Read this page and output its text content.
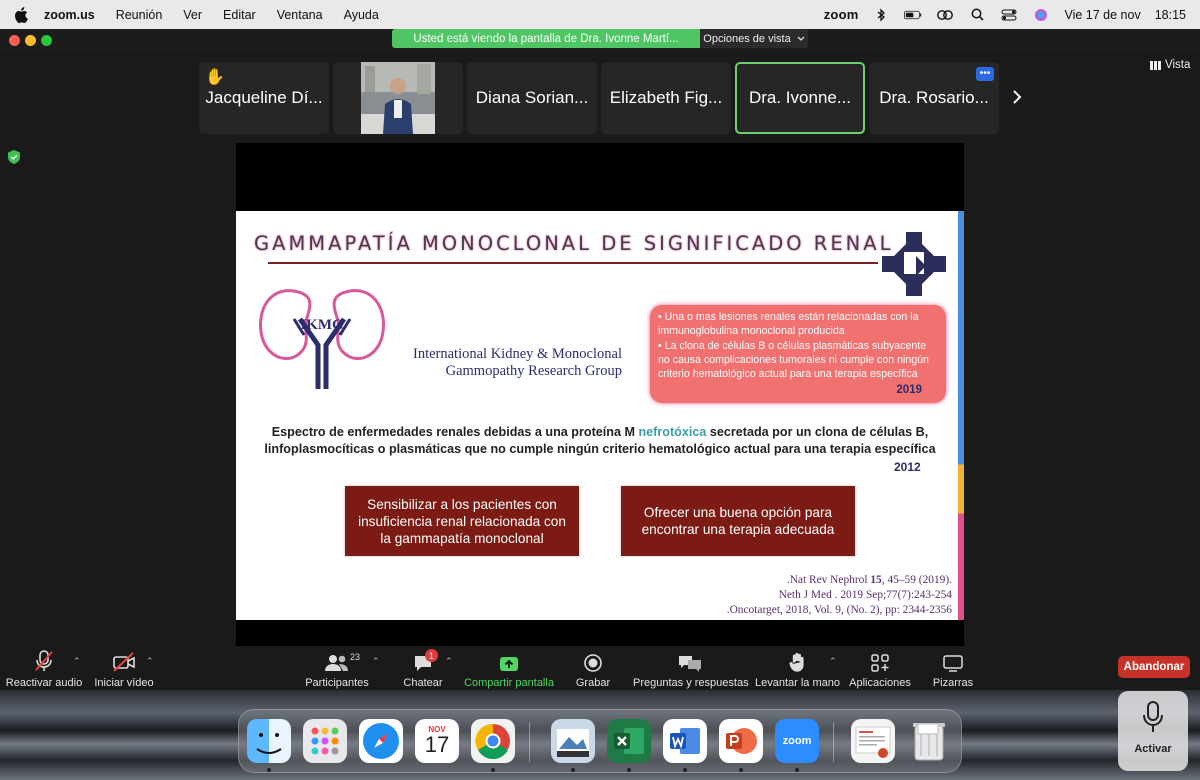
zoom.us Reunión Ver Editar Ventana Ayuda	zoom	Vie 17 de nov 18:15
Usted está viendo la pantalla de Dra. Ivonne Martí...	Opciones de vista
Vista
✋
Jacqueline Dí...	Diana Sorian...	Elizabeth Fig...	Dra. Ivonne...
•••
Dra. Rosario...
GAMMAPATÍA MONOCLONAL DE SIGNIFICADO RENAL
IKMG
International Kidney & Monoclonal
Gammopathy Research Group

• Una o mas lesiones renales están relacionadas con la immunoglobulina monoclonal producida

• La clona de células B o células plasmáticas subyacente no causa complicaciones tumorales ni cumple con ningún criterio hematológico actual para una terapia específica

2019
Espectro de enfermedades renales debidas a una proteína M nefrotóxica secretada por un clona de células B,
linfoplasmocíticas o plasmáticas que no cumple ningún criterio hematológico actual para una terapia específica
2012
Sensibilizar a los pacientes con insuficiencia renal relacionada con la gammapatía monoclonal
Ofrecer una buena opción para encontrar una terapia adecuada
.Nat Rev Nephrol 15, 45–59 (2019).
Neth J Med . 2019 Sep;77(7):243-254
.Oncotarget, 2018, Vol. 9, (No. 2), pp: 2344-2356
Reactivar audio
⌃
Iniciar vídeo
⌃
Participantes
23 ⌃
Chatear
1
⌃
Compartir pantalla	Grabar	Preguntas y respuestas Levantar la mano
⌃
Aplicaciones	Pizarras
Abandonar
NOV
17	zoom
Activar
